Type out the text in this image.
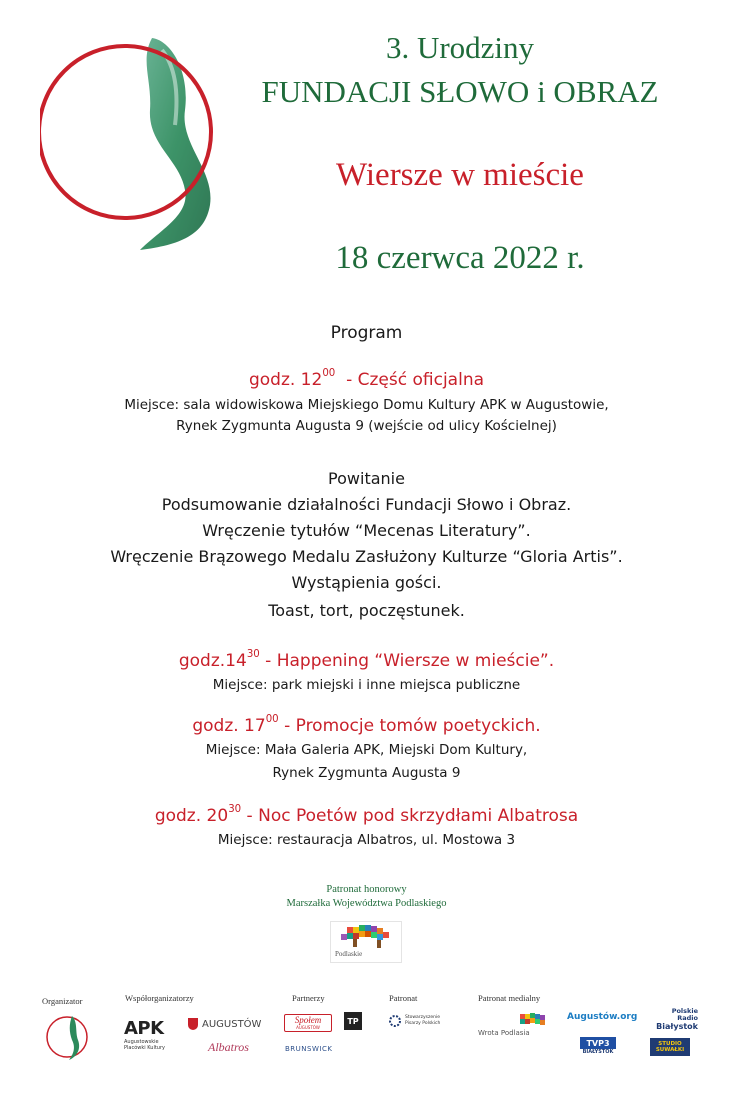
3. Urodziny
FUNDACJI SŁOWO i OBRAZ
Wiersze w mieście
18 czerwca 2022 r.
Program
godz. $12^{00}$  - Część oficjalna
Miejsce: sala widowiskowa Miejskiego Domu Kultury APK w Augustowie,
Rynek Zygmunta Augusta 9 (wejście od ulicy Kościelnej)
Powitanie
Podsumowanie działalności Fundacji Słowo i Obraz.
Wręczenie tytułów “Mecenas Literatury”.
Wręczenie Brązowego Medalu Zasłużony Kulturze “Gloria Artis”.
Wystąpienia gości.
Toast, tort, poczęstunek.
$godz.14^{30}$ - Happening “Wiersze w mieście”.
Miejsce: park miejski i inne miejsca publiczne
godz. $17^{00}$ - Promocje tomów poetyckich.
Miejsce: Mała Galeria APK, Miejski Dom Kultury,
Rynek Zygmunta Augusta 9
godz. $20^{30}$ - Noc Poetów pod skrzydłami Albatrosa
Miejsce: restauracja Albatros, ul. Mostowa 3
Patronat honorowy
Marszałka Województwa Podlaskiego
Podlaskie
Organizator	Współorganizatorzy	Partnerzy	Patronat	Patronat medialny
APK
Augustowskie Placówki Kultury
AUGUSTÓW
Albatros
Społem
AUGUSTÓW
TP
BRUNSWICK
Stowarzyszenie Pisarzy Polskich
Wrota Podlasia
Augustów.org
Polskie
Radio
Białystok
TVP3
BIAŁYSTOK
STUDIO SUWAŁKI
